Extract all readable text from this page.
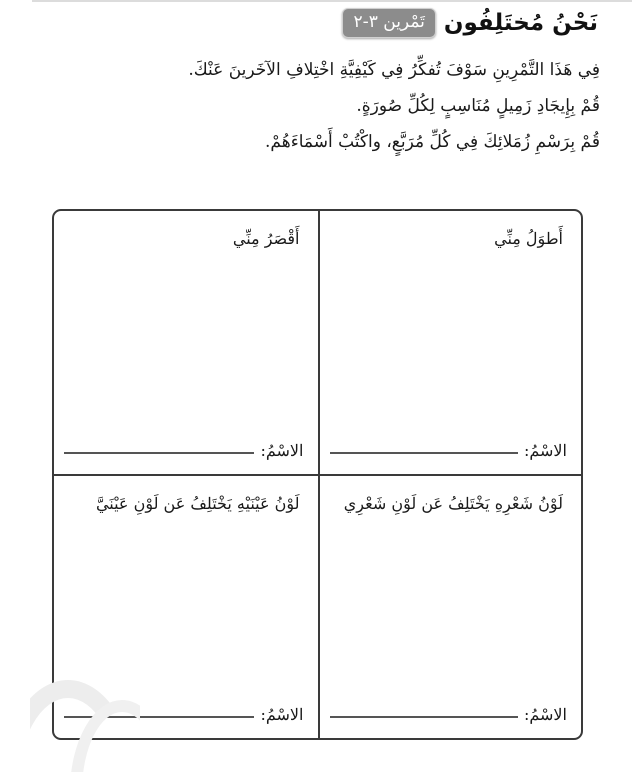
تَمْرين ٣-٢ نَحْنُ مُختَلِفُون

فِي هَذَا التَّمْرِينِ سَوْفَ تُفكِّرُ فِي كَيْفِيَّةِ اخْتِلافِ الآخَرينَ عَنْكَ.

قُمْ بِإِيجَادِ زَمِيلٍ مُنَاسِبٍ لِكُلِّ صُورَةٍ.

قُمْ بِرَسْمِ زُمَلائِكَ فِي كُلِّ مُرَبَّعٍ، واكْتُبْ أَسْمَاءَهُمْ.

أَطوَلُ مِنِّي
الاسْمُ:
أَقْصَرُ مِنِّي
الاسْمُ:
لَوْنُ شَعْرِهِ يَخْتَلِفُ عَن لَوْنِ شَعْرِي
الاسْمُ:
لَوْنُ عَيْنَيْهِ يَخْتَلِفُ عَن لَوْنِ عَيْنَيَّ
الاسْمُ:
